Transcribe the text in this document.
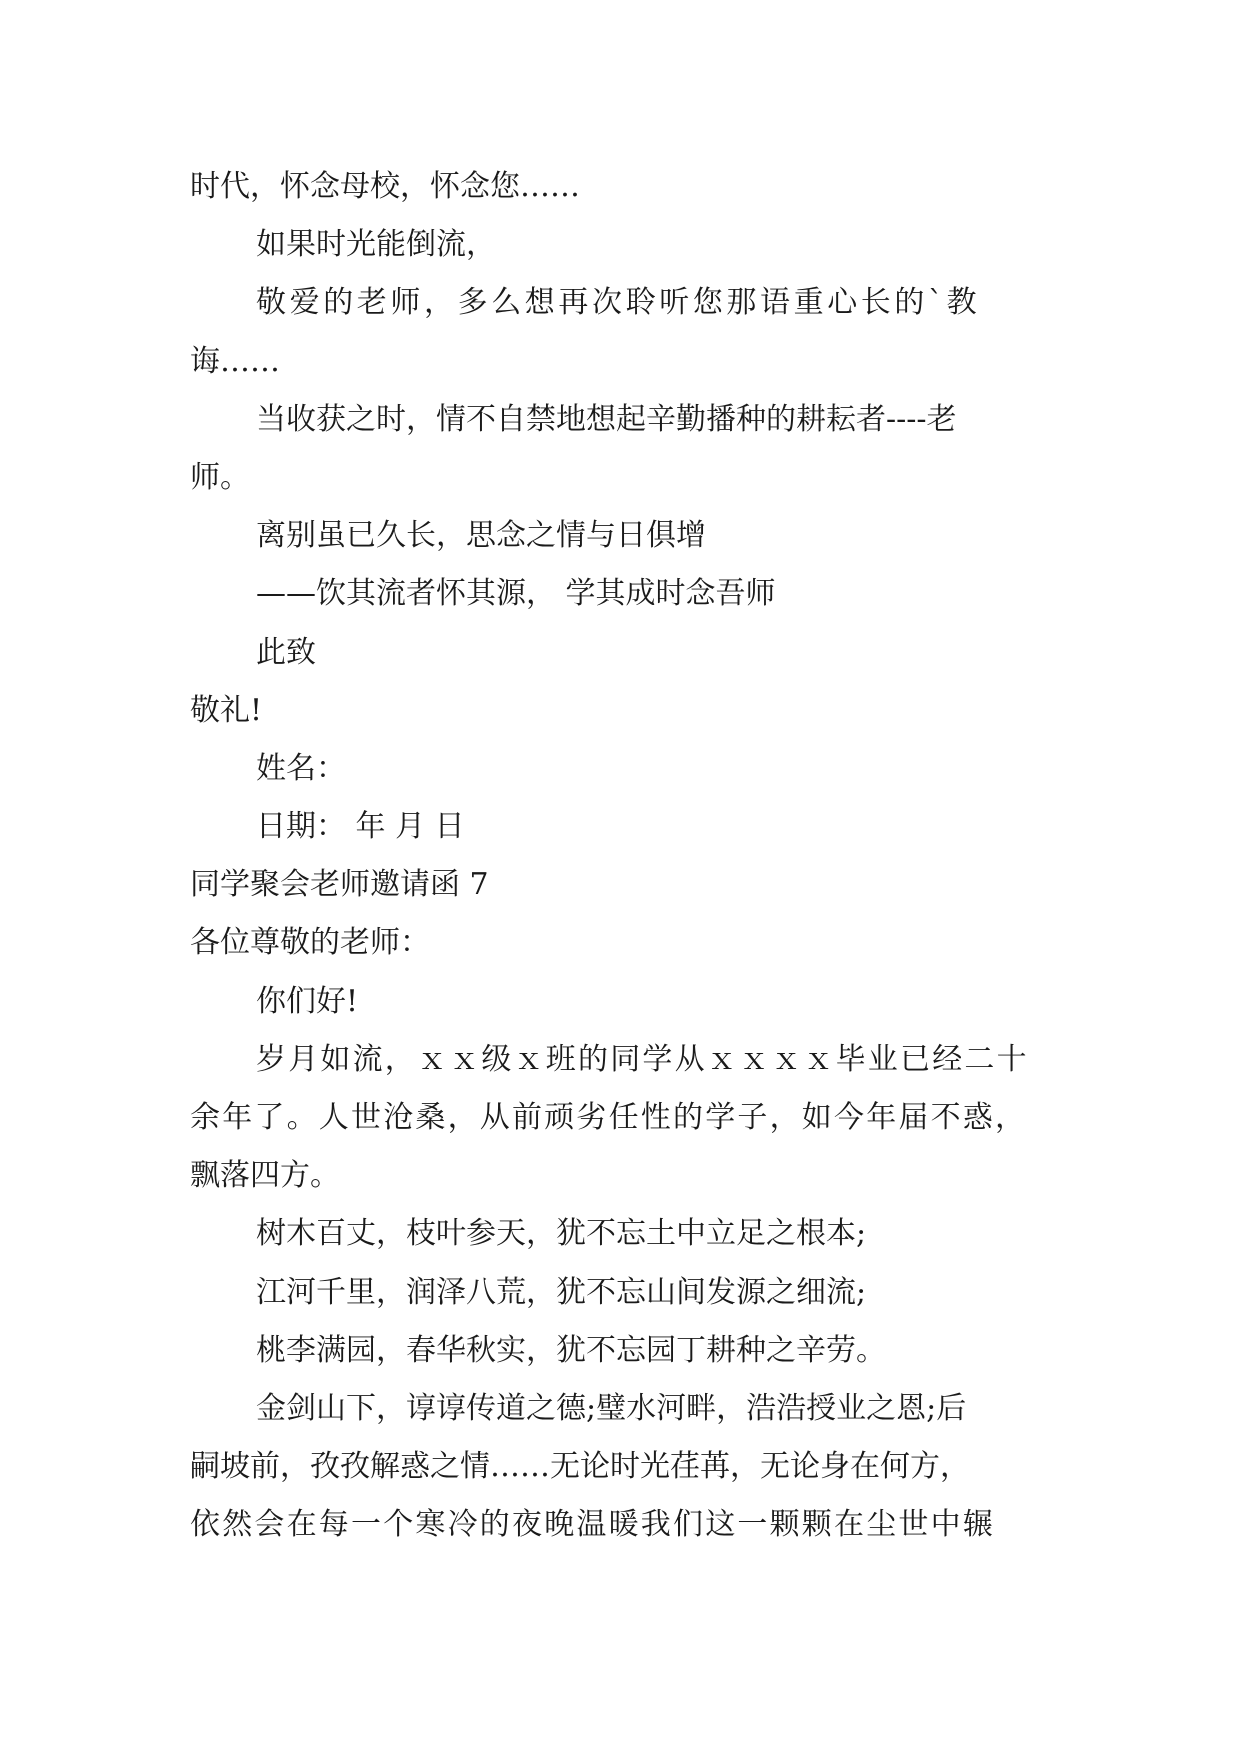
时代，怀念母校，怀念您……
如果时光能倒流，
敬爱的老师，多么想再次聆听您那语重心长的`教
诲……
当收获之时，情不自禁地想起辛勤播种的耕耘者----老
师。
离别虽已久长，思念之情与日俱增
——饮其流者怀其源， 学其成时念吾师
此致
敬礼!
姓名：
日期： 年 月 日
同学聚会老师邀请函 7
各位尊敬的老师：
你们好!
岁月如流，ｘｘ级ｘ班的同学从ｘｘｘｘ毕业已经二十
余年了。人世沧桑，从前顽劣任性的学子，如今年届不惑，
飘落四方。
树木百丈，枝叶参天，犹不忘土中立足之根本;
江河千里，润泽八荒，犹不忘山间发源之细流;
桃李满园，春华秋实，犹不忘园丁耕种之辛劳。
金剑山下，谆谆传道之德;璧水河畔，浩浩授业之恩;后
嗣坡前，孜孜解惑之情……无论时光荏苒，无论身在何方，
依然会在每一个寒冷的夜晚温暖我们这一颗颗在尘世中辗
